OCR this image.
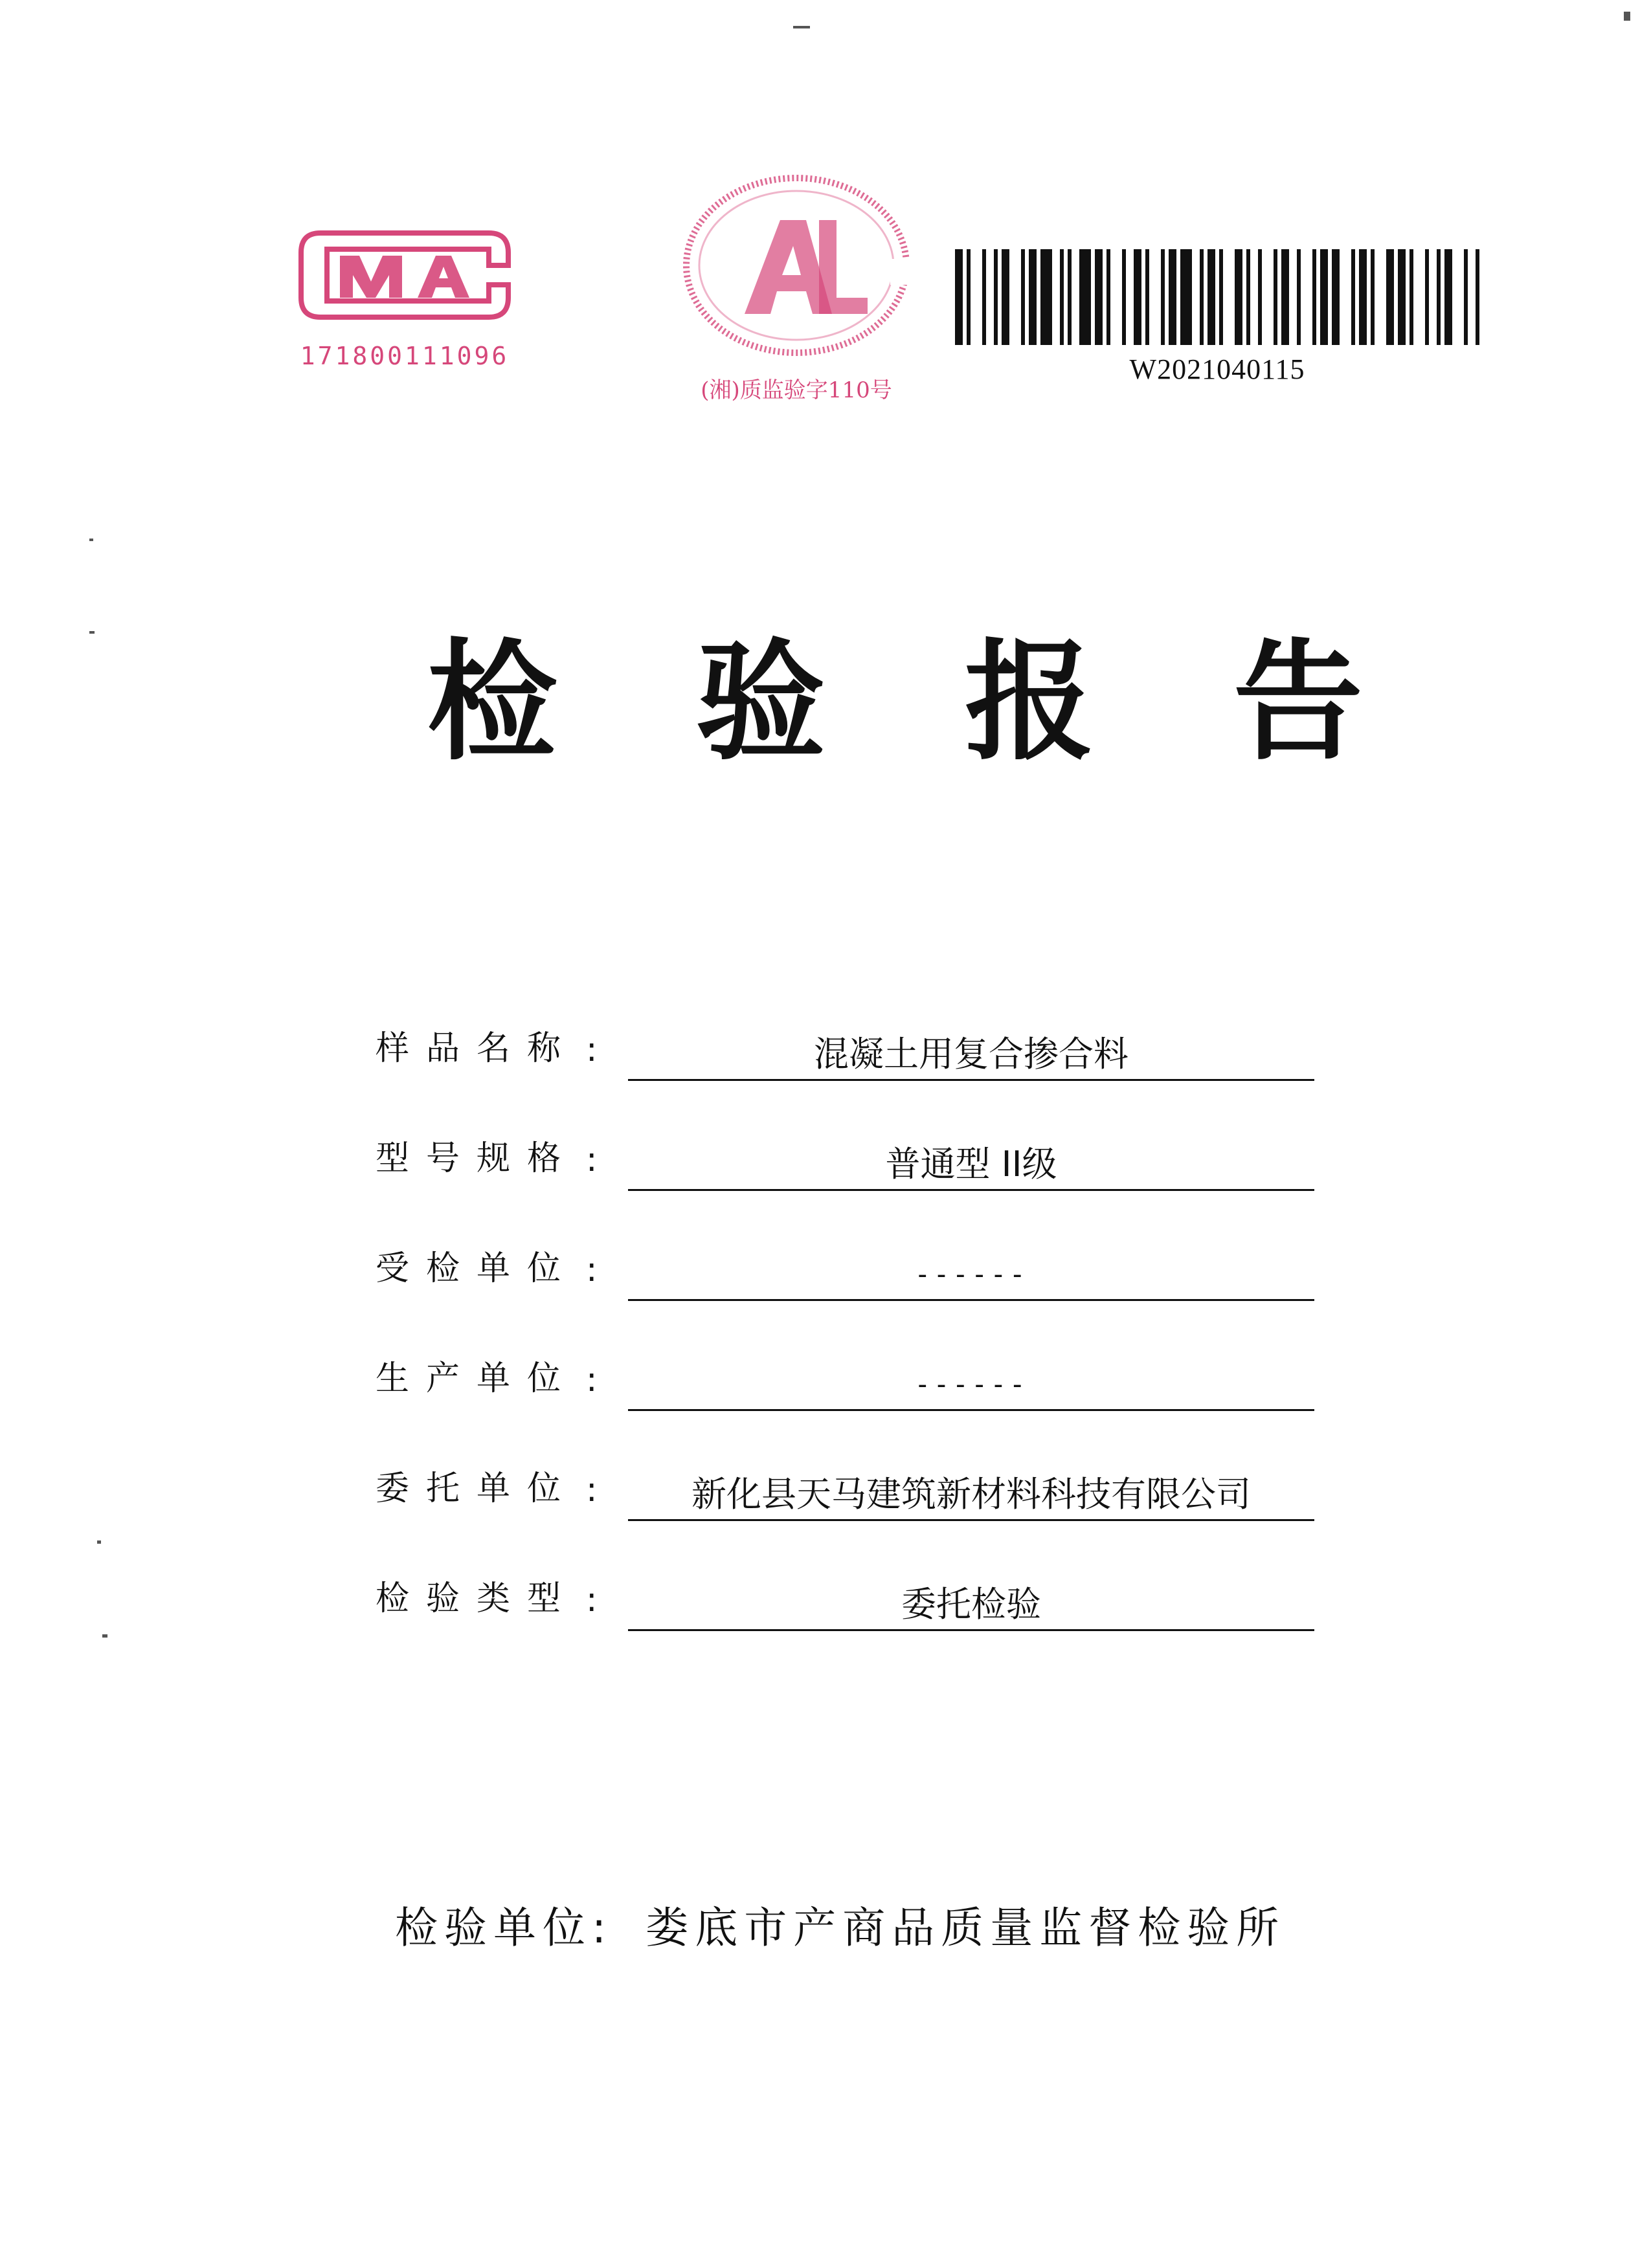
171800111096
(湘)质监验字110号
W2021040115
检验报告
样品名称 :	混凝土用复合掺合料
型号规格 :	普通型 II级
受检单位 :	------
生产单位 :	------
委托单位 :	新化县天马建筑新材料科技有限公司
检验类型 :	委托检验
检验单位: 娄底市产商品质量监督检验所
